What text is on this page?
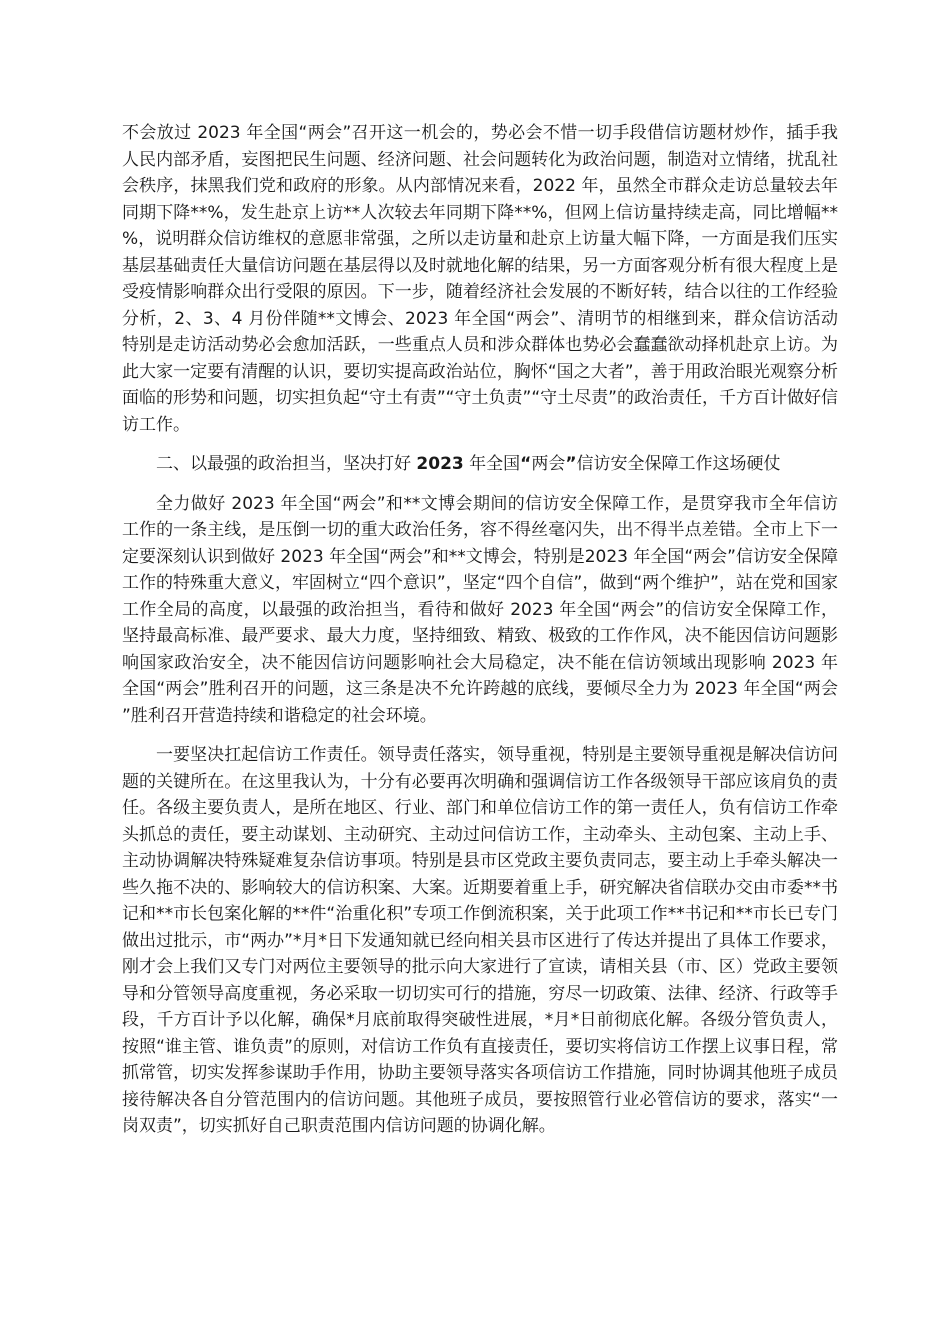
不会放过 2023 年全国“两会”召开这一机会的，势必会不惜一切手段借信访题材炒作，插手我人民内部矛盾，妄图把民生问题、经济问题、社会问题转化为政治问题，制造对立情绪，扰乱社会秩序，抹黑我们党和政府的形象。从内部情况来看，2022 年，虽然全市群众走访总量较去年同期下降**%，发生赴京上访**人次较去年同期下降**%，但网上信访量持续走高，同比增幅**%，说明群众信访维权的意愿非常强，之所以走访量和赴京上访量大幅下降，一方面是我们压实基层基础责任大量信访问题在基层得以及时就地化解的结果，另一方面客观分析有很大程度上是受疫情影响群众出行受限的原因。下一步，随着经济社会发展的不断好转，结合以往的工作经验分析，2、3、4 月份伴随**文博会、2023 年全国“两会”、清明节的相继到来，群众信访活动特别是走访活动势必会愈加活跃，一些重点人员和涉众群体也势必会蠢蠢欲动择机赴京上访。为此大家一定要有清醒的认识，要切实提高政治站位，胸怀“国之大者”，善于用政治眼光观察分析面临的形势和问题，切实担负起“守土有责”“守土负责”“守土尽责”的政治责任，千方百计做好信访工作。

二、以最强的政治担当，坚决打好 2023 年全国“两会”信访安全保障工作这场硬仗

全力做好 2023 年全国“两会”和**文博会期间的信访安全保障工作，是贯穿我市全年信访工作的一条主线，是压倒一切的重大政治任务，容不得丝毫闪失，出不得半点差错。全市上下一定要深刻认识到做好 2023 年全国“两会”和**文博会，特别是2023 年全国“两会”信访安全保障工作的特殊重大意义，牢固树立“四个意识”，坚定“四个自信”，做到“两个维护”，站在党和国家工作全局的高度，以最强的政治担当，看待和做好 2023 年全国“两会”的信访安全保障工作，坚持最高标准、最严要求、最大力度，坚持细致、精致、极致的工作作风，决不能因信访问题影响国家政治安全，决不能因信访问题影响社会大局稳定，决不能在信访领域出现影响 2023 年全国“两会”胜利召开的问题，这三条是决不允许跨越的底线，要倾尽全力为 2023 年全国“两会”胜利召开营造持续和谐稳定的社会环境。

一要坚决扛起信访工作责任。领导责任落实，领导重视，特别是主要领导重视是解决信访问题的关键所在。在这里我认为，十分有必要再次明确和强调信访工作各级领导干部应该肩负的责任。各级主要负责人，是所在地区、行业、部门和单位信访工作的第一责任人，负有信访工作牵头抓总的责任，要主动谋划、主动研究、主动过问信访工作，主动牵头、主动包案、主动上手、主动协调解决特殊疑难复杂信访事项。特别是县市区党政主要负责同志，要主动上手牵头解决一些久拖不决的、影响较大的信访积案、大案。近期要着重上手，研究解决省信联办交由市委**书记和**市长包案化解的**件“治重化积”专项工作倒流积案，关于此项工作**书记和**市长已专门做出过批示，市“两办”*月*日下发通知就已经向相关县市区进行了传达并提出了具体工作要求，刚才会上我们又专门对两位主要领导的批示向大家进行了宣读，请相关县（市、区）党政主要领导和分管领导高度重视，务必采取一切切实可行的措施，穷尽一切政策、法律、经济、行政等手段，千方百计予以化解，确保*月底前取得突破性进展，*月*日前彻底化解。各级分管负责人，按照“谁主管、谁负责”的原则，对信访工作负有直接责任，要切实将信访工作摆上议事日程，常抓常管，切实发挥参谋助手作用，协助主要领导落实各项信访工作措施，同时协调其他班子成员接待解决各自分管范围内的信访问题。其他班子成员，要按照管行业必管信访的要求，落实“一岗双责”，切实抓好自己职责范围内信访问题的协调化解。
